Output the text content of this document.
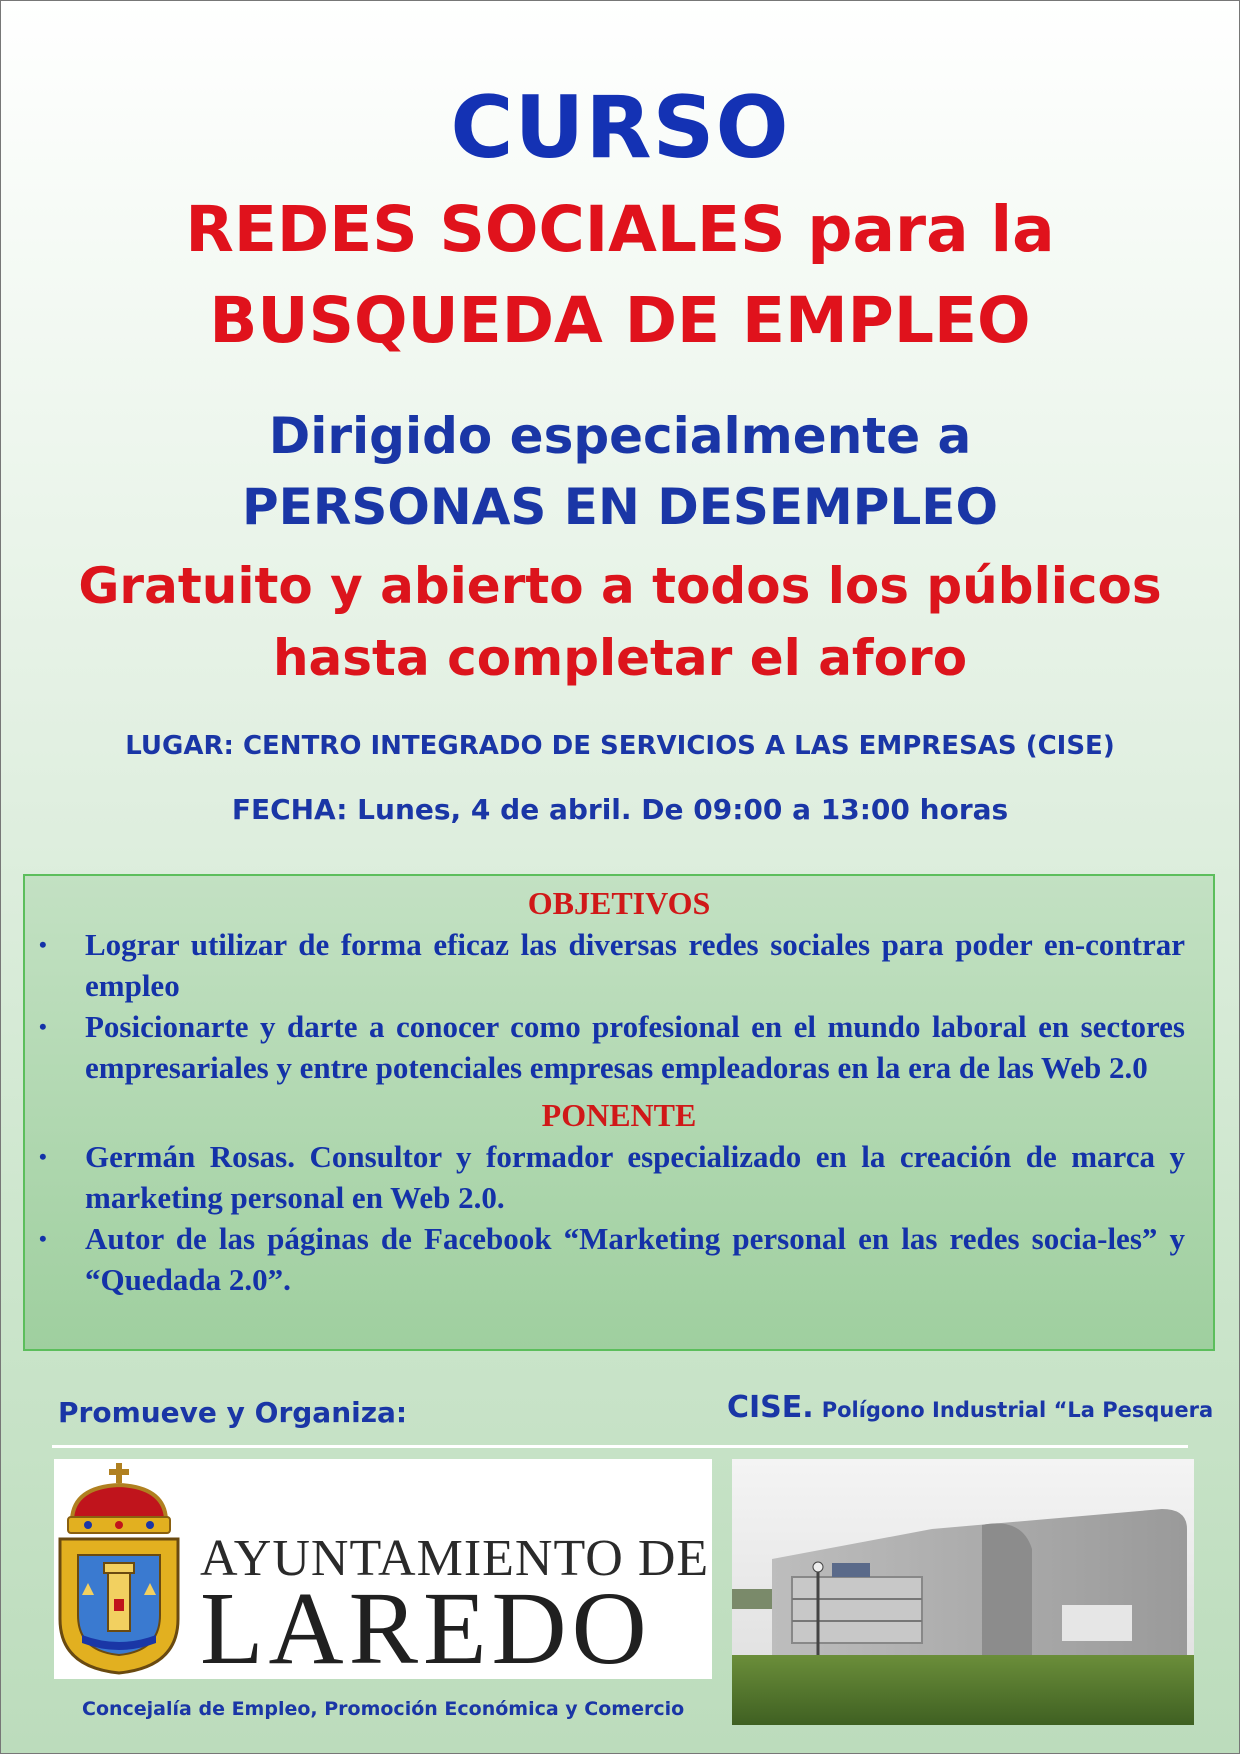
CURSO
REDES SOCIALES para la
BUSQUEDA DE EMPLEO
Dirigido especialmente a
PERSONAS EN DESEMPLEO
Gratuito y abierto a todos los públicos
hasta completar el aforo
LUGAR: CENTRO INTEGRADO DE SERVICIOS A LAS EMPRESAS (CISE)
FECHA: Lunes, 4 de abril. De 09:00 a 13:00 horas
OBJETIVOS
• Lograr utilizar de forma eficaz las diversas redes sociales para poder en-contrar empleo
• Posicionarte y darte a conocer como profesional en el mundo laboral en sectores empresariales y entre potenciales empresas empleadoras en la era de las Web 2.0
PONENTE
• Germán Rosas. Consultor y formador especializado en la creación de marca y marketing personal en Web 2.0.
• Autor de las páginas de Facebook “Marketing personal en las redes socia-les” y “Quedada 2.0”.
Promueve y Organiza:	CISE. Polígono Industrial “La Pesquera
AYUNTAMIENTO DE
LAREDO
Concejalía de Empleo, Promoción Económica y Comercio
